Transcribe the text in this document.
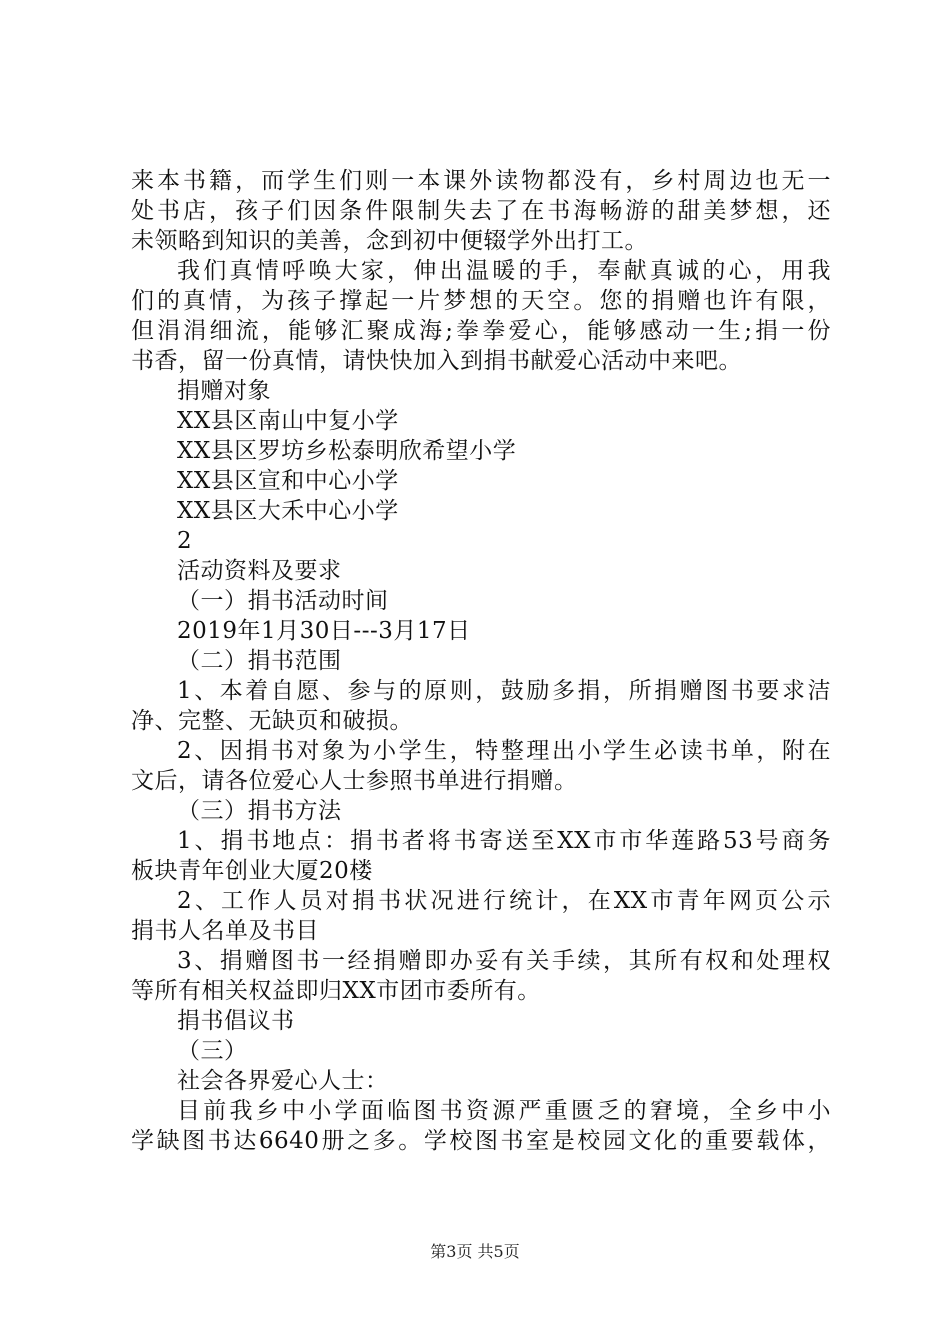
来本书籍，而学生们则一本课外读物都没有，乡村周边也无一
处书店，孩子们因条件限制失去了在书海畅游的甜美梦想，还
未领略到知识的美善，念到初中便辍学外出打工。
我们真情呼唤大家，伸出温暖的手，奉献真诚的心，用我
们的真情，为孩子撑起一片梦想的天空。您的捐赠也许有限，
但涓涓细流，能够汇聚成海;拳拳爱心，能够感动一生;捐一份
书香，留一份真情，请快快加入到捐书献爱心活动中来吧。
捐赠对象
XX县区南山中复小学
XX县区罗坊乡松泰明欣希望小学
XX县区宣和中心小学
XX县区大禾中心小学
2
活动资料及要求
（一）捐书活动时间
2019年1月30日---3月17日
（二）捐书范围
1、本着自愿、参与的原则，鼓励多捐，所捐赠图书要求洁
净、完整、无缺页和破损。
2、因捐书对象为小学生，特整理出小学生必读书单，附在
文后，请各位爱心人士参照书单进行捐赠。
（三）捐书方法
1、捐书地点：捐书者将书寄送至XX市市华莲路53号商务
板块青年创业大厦20楼
2、工作人员对捐书状况进行统计，在XX市青年网页公示
捐书人名单及书目
3、捐赠图书一经捐赠即办妥有关手续，其所有权和处理权
等所有相关权益即归XX市团市委所有。
捐书倡议书
（三）
社会各界爱心人士：
目前我乡中小学面临图书资源严重匮乏的窘境，全乡中小
学缺图书达6640册之多。学校图书室是校园文化的重要载体，
第3页 共5页
